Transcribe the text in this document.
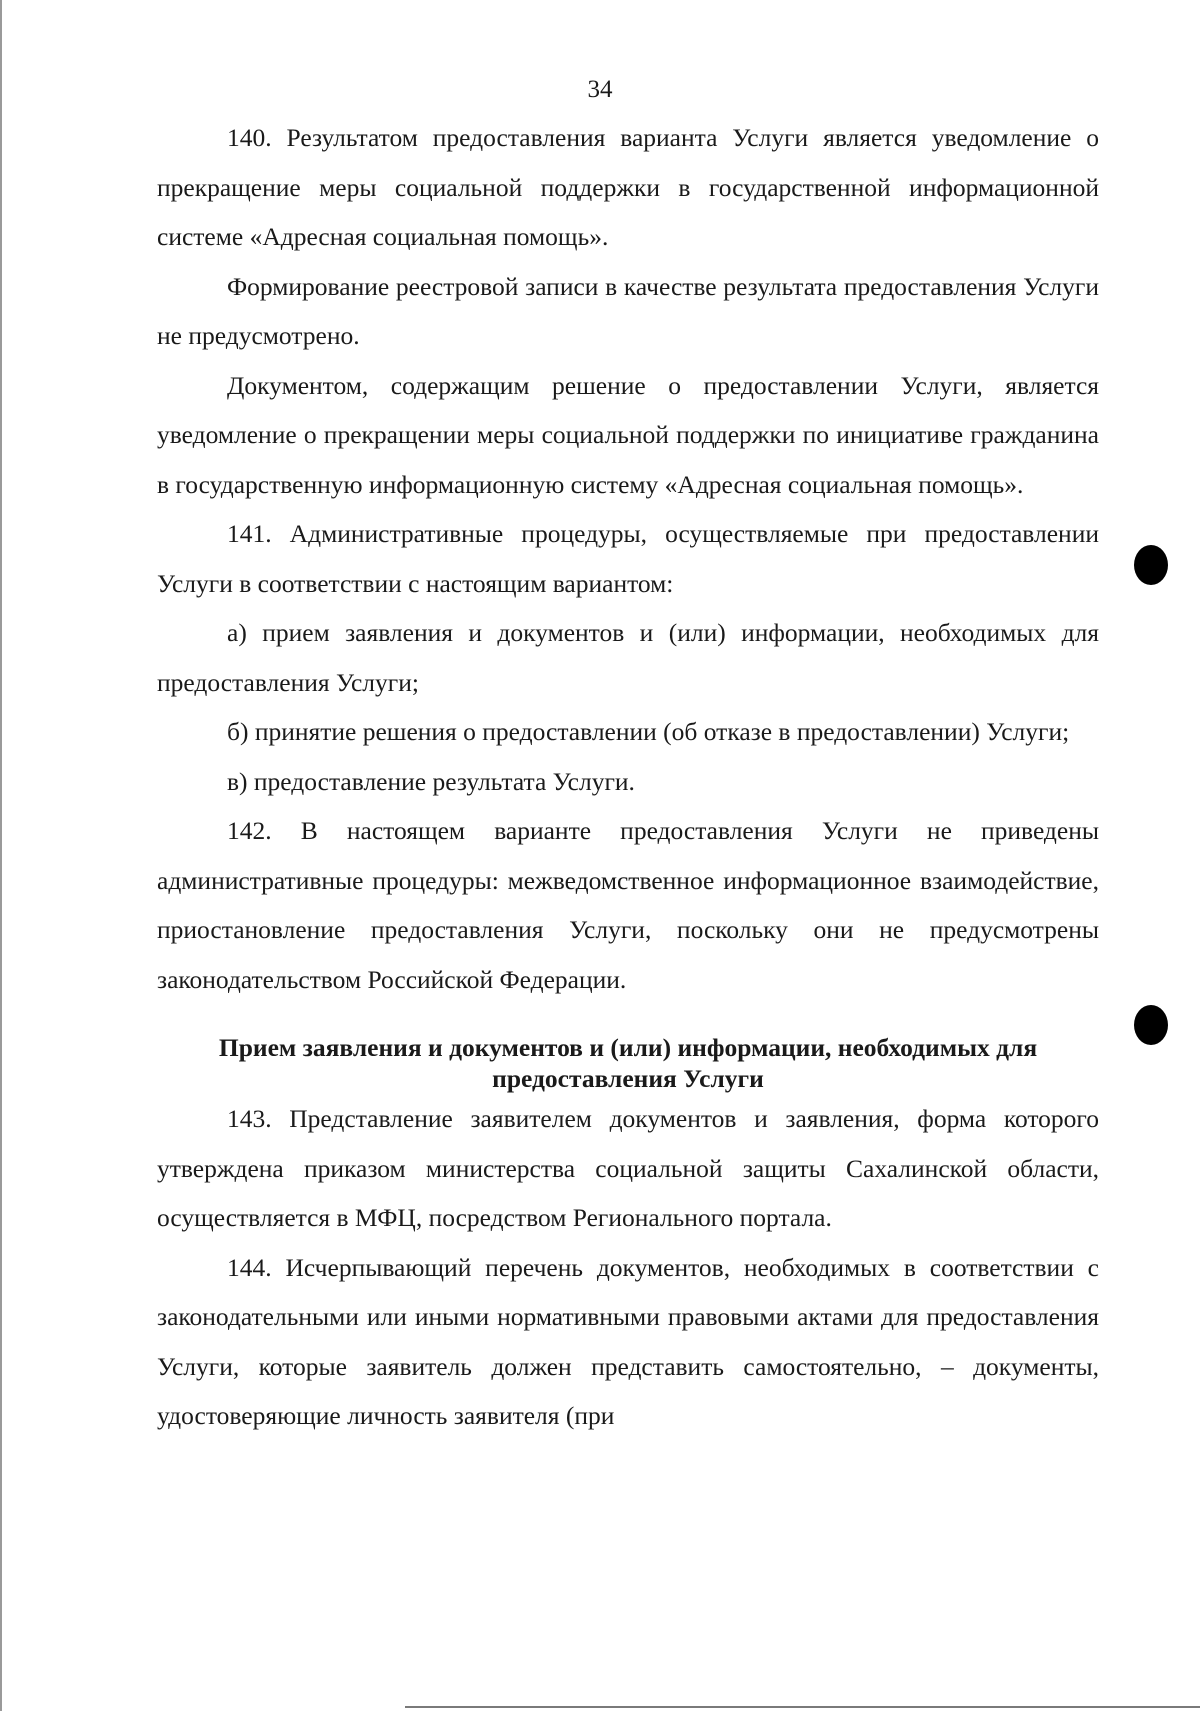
34

140. Результатом предоставления варианта Услуги является уведомление о прекращение меры социальной поддержки в государственной информационной системе «Адресная социальная помощь».

Формирование реестровой записи в качестве результата предоставления Услуги не предусмотрено.

Документом, содержащим решение о предоставлении Услуги, является уведомление о прекращении меры социальной поддержки по инициативе гражданина в государственную информационную систему «Адресная социальная помощь».

141. Административные процедуры, осуществляемые при предоставлении Услуги в соответствии с настоящим вариантом:

а) прием заявления и документов и (или) информации, необходимых для предоставления Услуги;

б) принятие решения о предоставлении (об отказе в предоставлении) Услуги;

в) предоставление результата Услуги.

142. В настоящем варианте предоставления Услуги не приведены административные процедуры: межведомственное информационное взаимодействие, приостановление предоставления Услуги, поскольку они не предусмотрены законодательством Российской Федерации.

Прием заявления и документов и (или) информации, необходимых для предоставления Услуги

143. Представление заявителем документов и заявления, форма которого утверждена приказом министерства социальной защиты Сахалинской области, осуществляется в МФЦ, посредством Регионального портала.

144. Исчерпывающий перечень документов, необходимых в соответствии с законодательными или иными нормативными правовыми актами для предоставления Услуги, которые заявитель должен представить самостоятельно, – документы, удостоверяющие личность заявителя (при
